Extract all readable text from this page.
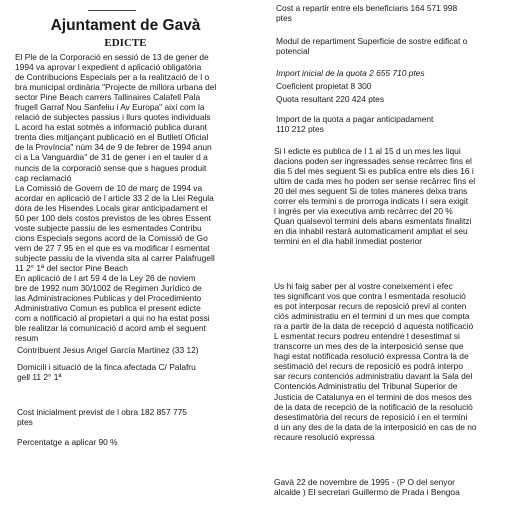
Ajuntament de Gavà
EDICTE

El Ple de la Corporació en sessió de 13 de gener de
1994 va aprovar l expedient d aplicació obligatòria
de Contribucions Especials per a la realització de l o
bra municipal ordinària "Projecte de millora urbana del
sector Pine Beach carrers Tallinaires Calafell Pala
frugell Garraf Nou Sanfeliu i Av Europa" així com la
relació de subjectes passius i llurs quotes individuals
L acord ha estat sotmès a informació publica durant
trenta dies mitjançant publicació en el Butlletí Oficial
de la Província" núm 34 de 9 de febrer de 1994 anun
ci a La Vanguardia" de 31 de gener i en el tauler d a
nuncis de la corporació sense que s hagues produit
cap reclamació

La Comissió de Govern de 10 de març de 1994 va
acordar en aplicació de l article 33 2 de la Llei Regula
dora de les Hisendes Locals girar anticipadament el
50 per 100 dels costos previstos de les obres Essent
voste subjecte passiu de les esmentades Contribu
cions Especials segons acord de la Comissió de Go
vern de 27 7 95 en el que es va modificar l esmentat
subjecte passiu de la vivenda sita al carrer Palafrugell
11 2° 1ª del sector Pine Beach

En aplicació de l art 59 4 de la Ley 26 de noviem
bre de 1992 num 30/1002 de Regimen Jurídico de
las Administraciones Publicas y del Procedimiento
Administrativo Comun es publica el present edicte
com a notificació al propietari a qui no ha estat possi
ble realitzar la comunicació d acord amb el seguent
resum

Contribuent Jesus Angel García Martinez (33 12)

Domicili i situació de la finca afectada C/ Palafru
gell 11 2° 1ª

Cost inicialment previst de l obra 182 857 775
ptes

Percentatge a aplicar 90 %

Cost a repartir entre els beneficiaris 164 571 998
ptes

Modul de repartiment Superficie de sostre edificat o
potencial

Import inicial de la quota 2 655 710 ptes

Coeficient propietat 8 300

Quota resultant 220 424 ptes

Import de la quota a pagar anticipadament
110 212 ptes

Si l edicte es publica de l 1 al 15 d un mes les liqui
dacions poden ser ingressades sense recàrrec fins el
dia 5 del mes seguent Si es publica entre els dies 16 i
ultim de cada mes ho poden ser sense recàrrec fins el
20 del mes seguent Si de totes maneres deixa trans
correr els termini s de prorroga indicats l i sera exigit
l ingrés per via executiva amb recàrrec del 20 %
Quan qualsevol termini dels abans esmentats finalitzi
en dia inhabil restarà automaticament ampliat el seu
termini en el dia habil inmediat posterior

Us hi faig saber per al vostre coneixement i efec
tes significant vos que contra l esmentada resolució
es pot interposar recurs de reposició previ al conten
ciós administratiu en el termini d un mes que compta
ra a partir de la data de recepció d aquesta notificació
L esmentat recurs podreu entendre l desestimat si
transcorre un mes des de la interposició sense que
hagi estat notificada resolució expressa Contra la de
sestimació del recurs de reposició es podrà interpo
sar recurs contenciós administratiu davant la Sala del
Contenciós Administratiu del Tribunal Superior de
Justicia de Catalunya en el termini de dos mesos des
de la data de recepció de la notificació de la resolució
desestimatòria del recurs de reposició i en el termini
d un any des de la data de la interposició en cas de no
recaure resolució expressa

Gavà 22 de novembre de 1995 - (P O del senyor
alcalde ) El secretari Guillermo de Prada i Bengoa
